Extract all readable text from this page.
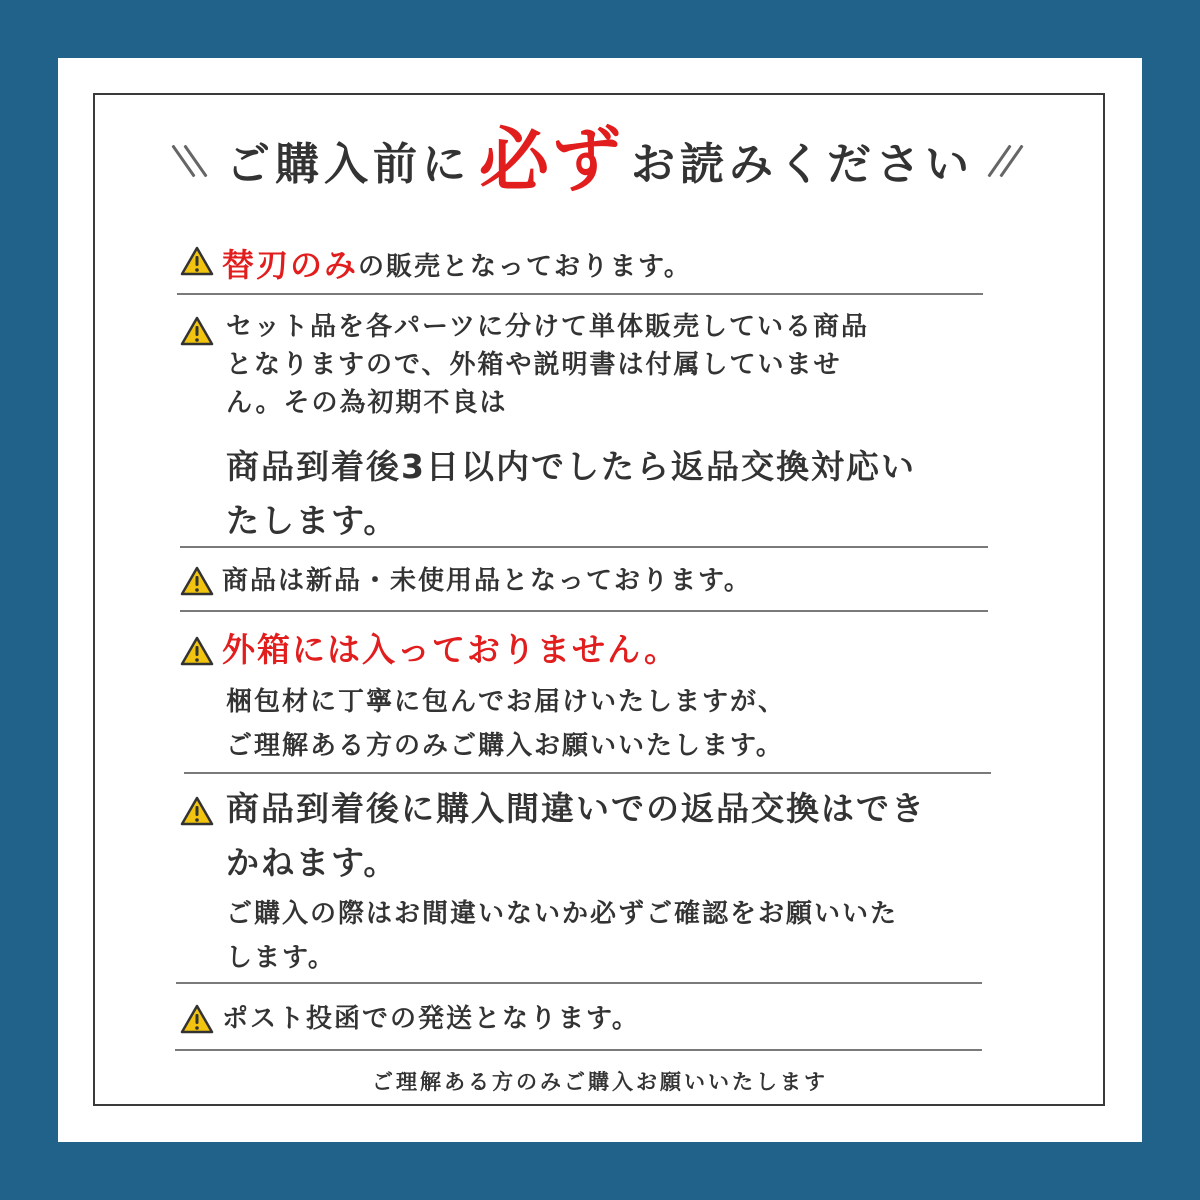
ご購入前に 必ず お読みください
替刃のみ の販売となっております。
セット品を各パーツに分けて単体販売している商品
となりますので、外箱や説明書は付属していませ
ん。その為初期不良は
商品到着後3日以内でしたら返品交換対応い
たします。
商品は新品・未使用品となっております。
外箱には入っておりません。
梱包材に丁寧に包んでお届けいたしますが、
ご理解ある方のみご購入お願いいたします。
商品到着後に購入間違いでの返品交換はでき
かねます。
ご購入の際はお間違いないか必ずご確認をお願いいた
します。
ポスト投函での発送となります。
ご理解ある方のみご購入お願いいたします
